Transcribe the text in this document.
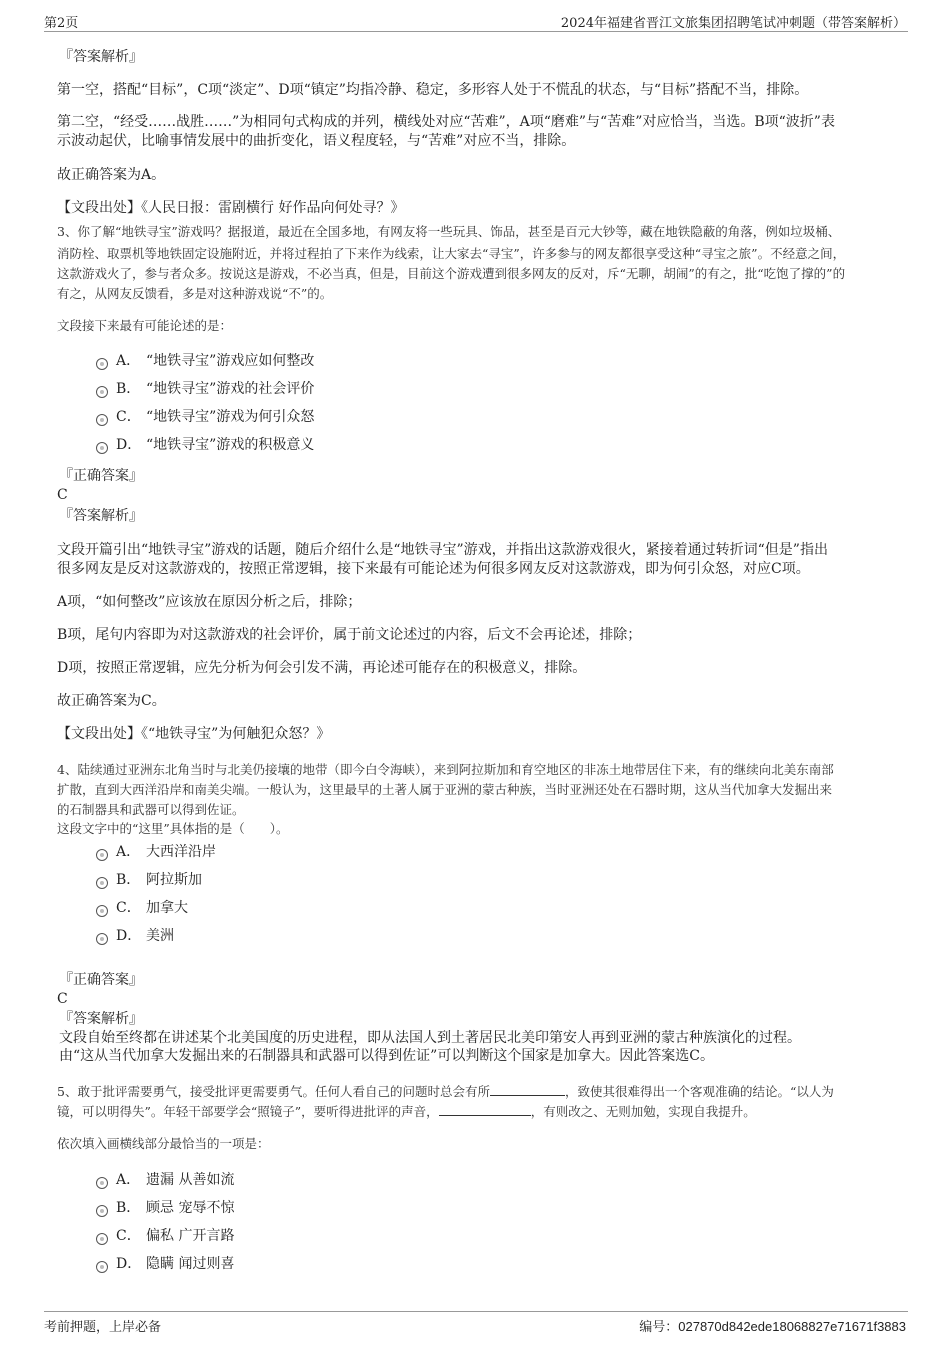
第2页	2024年福建省晋江文旅集团招聘笔试冲刺题（带答案解析）
『答案解析』
第一空，搭配“目标”，C项“淡定”、D项“镇定”均指冷静、稳定，多形容人处于不慌乱的状态，与“目标”搭配不当，排除。
第二空，“经受……战胜……”为相同句式构成的并列，横线处对应“苦难”，A项“磨难”与“苦难”对应恰当，当选。B项“波折”表
示波动起伏，比喻事情发展中的曲折变化，语义程度轻，与“苦难”对应不当，排除。
故正确答案为A。
【文段出处】《人民日报：雷剧横行 好作品向何处寻？》
3、你了解“地铁寻宝”游戏吗？据报道，最近在全国多地，有网友将一些玩具、饰品，甚至是百元大钞等，藏在地铁隐蔽的角落，例如垃圾桶、
消防栓、取票机等地铁固定设施附近，并将过程拍了下来作为线索，让大家去“寻宝”，许多参与的网友都很享受这种“寻宝之旅”。不经意之间，
这款游戏火了，参与者众多。按说这是游戏，不必当真，但是，目前这个游戏遭到很多网友的反对，斥“无聊，胡闹”的有之，批“吃饱了撑的”的
有之，从网友反馈看，多是对这种游戏说“不”的。
文段接下来最有可能论述的是：
A． “地铁寻宝”游戏应如何整改
B． “地铁寻宝”游戏的社会评价
C． “地铁寻宝”游戏为何引众怒
D． “地铁寻宝”游戏的积极意义
『正确答案』
C
『答案解析』
文段开篇引出“地铁寻宝”游戏的话题，随后介绍什么是“地铁寻宝”游戏，并指出这款游戏很火，紧接着通过转折词“但是”指出
很多网友是反对这款游戏的，按照正常逻辑，接下来最有可能论述为何很多网友反对这款游戏，即为何引众怒，对应C项。
A项，“如何整改”应该放在原因分析之后，排除；
B项，尾句内容即为对这款游戏的社会评价，属于前文论述过的内容，后文不会再论述，排除；
D项，按照正常逻辑，应先分析为何会引发不满，再论述可能存在的积极意义，排除。
故正确答案为C。
【文段出处】《“地铁寻宝”为何触犯众怒？》
4、陆续通过亚洲东北角当时与北美仍接壤的地带（即今白令海峡），来到阿拉斯加和育空地区的非冻土地带居住下来，有的继续向北美东南部
扩散，直到大西洋沿岸和南美尖端。一般认为，这里最早的土著人属于亚洲的蒙古种族，当时亚洲还处在石器时期，这从当代加拿大发掘出来
的石制器具和武器可以得到佐证。
这段文字中的“这里”具体指的是（　　）。
A． 大西洋沿岸
B． 阿拉斯加
C． 加拿大
D． 美洲
『正确答案』
C
『答案解析』
文段自始至终都在讲述某个北美国度的历史进程，即从法国人到土著居民北美印第安人再到亚洲的蒙古种族演化的过程。
由“这从当代加拿大发掘出来的石制器具和武器可以得到佐证”可以判断这个国家是加拿大。因此答案选C。
5、敢于批评需要勇气，接受批评更需要勇气。任何人看自己的问题时总会有所	，致使其很难得出一个客观准确的结论。“以人为
镜，可以明得失”。年轻干部要学会“照镜子”，要听得进批评的声音，	，有则改之、无则加勉，实现自我提升。
依次填入画横线部分最恰当的一项是：
A． 遗漏 从善如流
B． 顾忌 宠辱不惊
C． 偏私 广开言路
D． 隐瞒 闻过则喜
考前押题，上岸必备	编号：027870d842ede18068827e71671f3883
